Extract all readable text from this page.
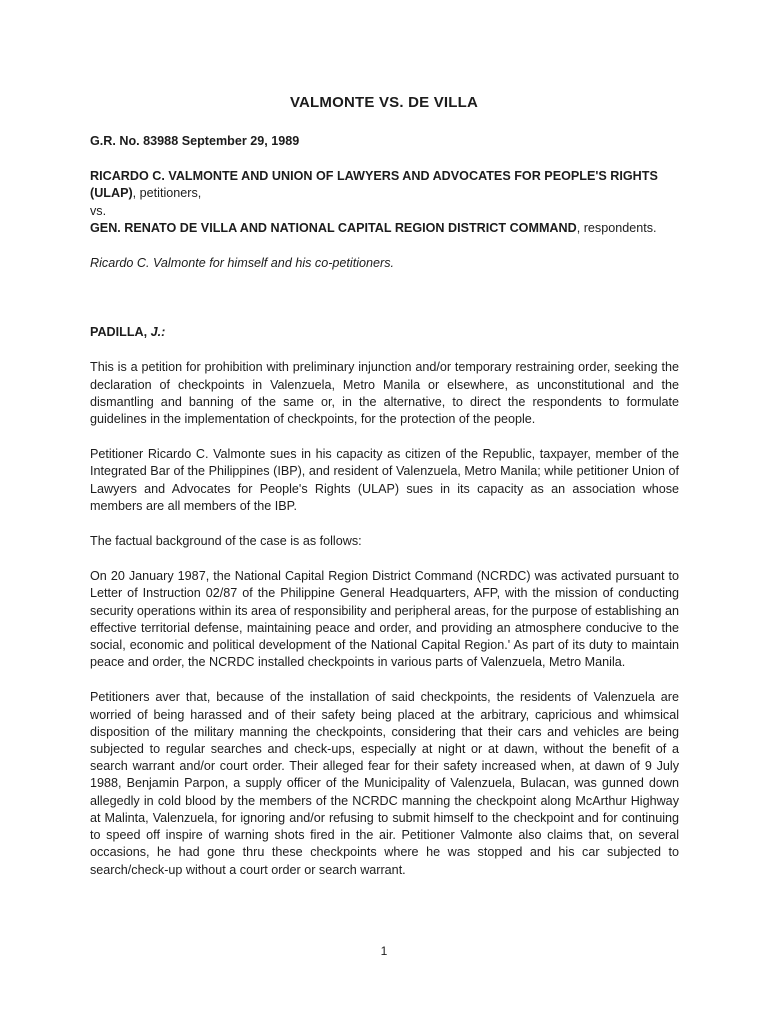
VALMONTE VS. DE VILLA

G.R. No. 83988 September 29, 1989

RICARDO C. VALMONTE AND UNION OF LAWYERS AND ADVOCATES FOR PEOPLE'S RIGHTS (ULAP), petitioners,

vs.

GEN. RENATO DE VILLA AND NATIONAL CAPITAL REGION DISTRICT COMMAND, respondents.

Ricardo C. Valmonte for himself and his co-petitioners.

PADILLA, J.:

This is a petition for prohibition with preliminary injunction and/or temporary restraining order, seeking the declaration of checkpoints in Valenzuela, Metro Manila or elsewhere, as unconstitutional and the dismantling and banning of the same or, in the alternative, to direct the respondents to formulate guidelines in the implementation of checkpoints, for the protection of the people.

Petitioner Ricardo C. Valmonte sues in his capacity as citizen of the Republic, taxpayer, member of the Integrated Bar of the Philippines (IBP), and resident of Valenzuela, Metro Manila; while petitioner Union of Lawyers and Advocates for People's Rights (ULAP) sues in its capacity as an association whose members are all members of the IBP.

The factual background of the case is as follows:

On 20 January 1987, the National Capital Region District Command (NCRDC) was activated pursuant to Letter of Instruction 02/87 of the Philippine General Headquarters, AFP, with the mission of conducting security operations within its area of responsibility and peripheral areas, for the purpose of establishing an effective territorial defense, maintaining peace and order, and providing an atmosphere conducive to the social, economic and political development of the National Capital Region.' As part of its duty to maintain peace and order, the NCRDC installed checkpoints in various parts of Valenzuela, Metro Manila.

Petitioners aver that, because of the installation of said checkpoints, the residents of Valenzuela are worried of being harassed and of their safety being placed at the arbitrary, capricious and whimsical disposition of the military manning the checkpoints, considering that their cars and vehicles are being subjected to regular searches and check-ups, especially at night or at dawn, without the benefit of a search warrant and/or court order. Their alleged fear for their safety increased when, at dawn of 9 July 1988, Benjamin Parpon, a supply officer of the Municipality of Valenzuela, Bulacan, was gunned down allegedly in cold blood by the members of the NCRDC manning the checkpoint along McArthur Highway at Malinta, Valenzuela, for ignoring and/or refusing to submit himself to the checkpoint and for continuing to speed off inspire of warning shots fired in the air. Petitioner Valmonte also claims that, on several occasions, he had gone thru these checkpoints where he was stopped and his car subjected to search/check-up without a court order or search warrant.

1
